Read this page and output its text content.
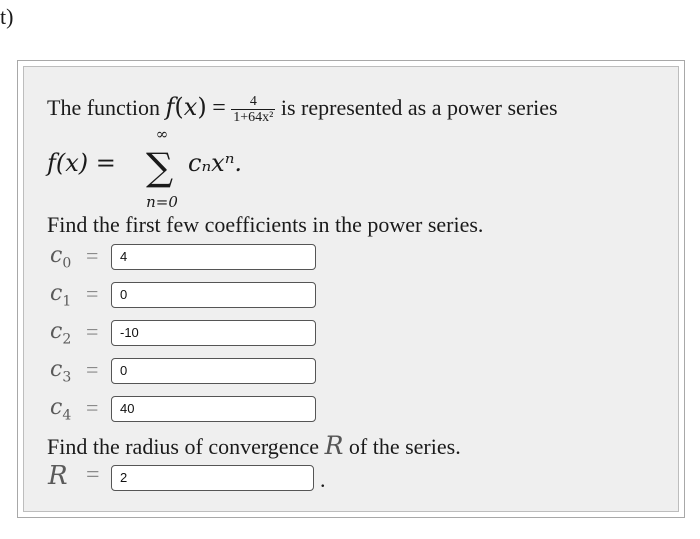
t)
The function $f(x) = \frac{4}{\text{1+64x²}}$ is represented as a power series
f(x) =
∞
∑
n=0
cₙxⁿ.
Find the first few coefficients in the power series.
$c_0$ =	4
$c_1$ =	0
$c_2$ =	-10
$c_3$ =	0
$c_4$ =	40
Find the radius of convergence R of the series.
R =	2	.
